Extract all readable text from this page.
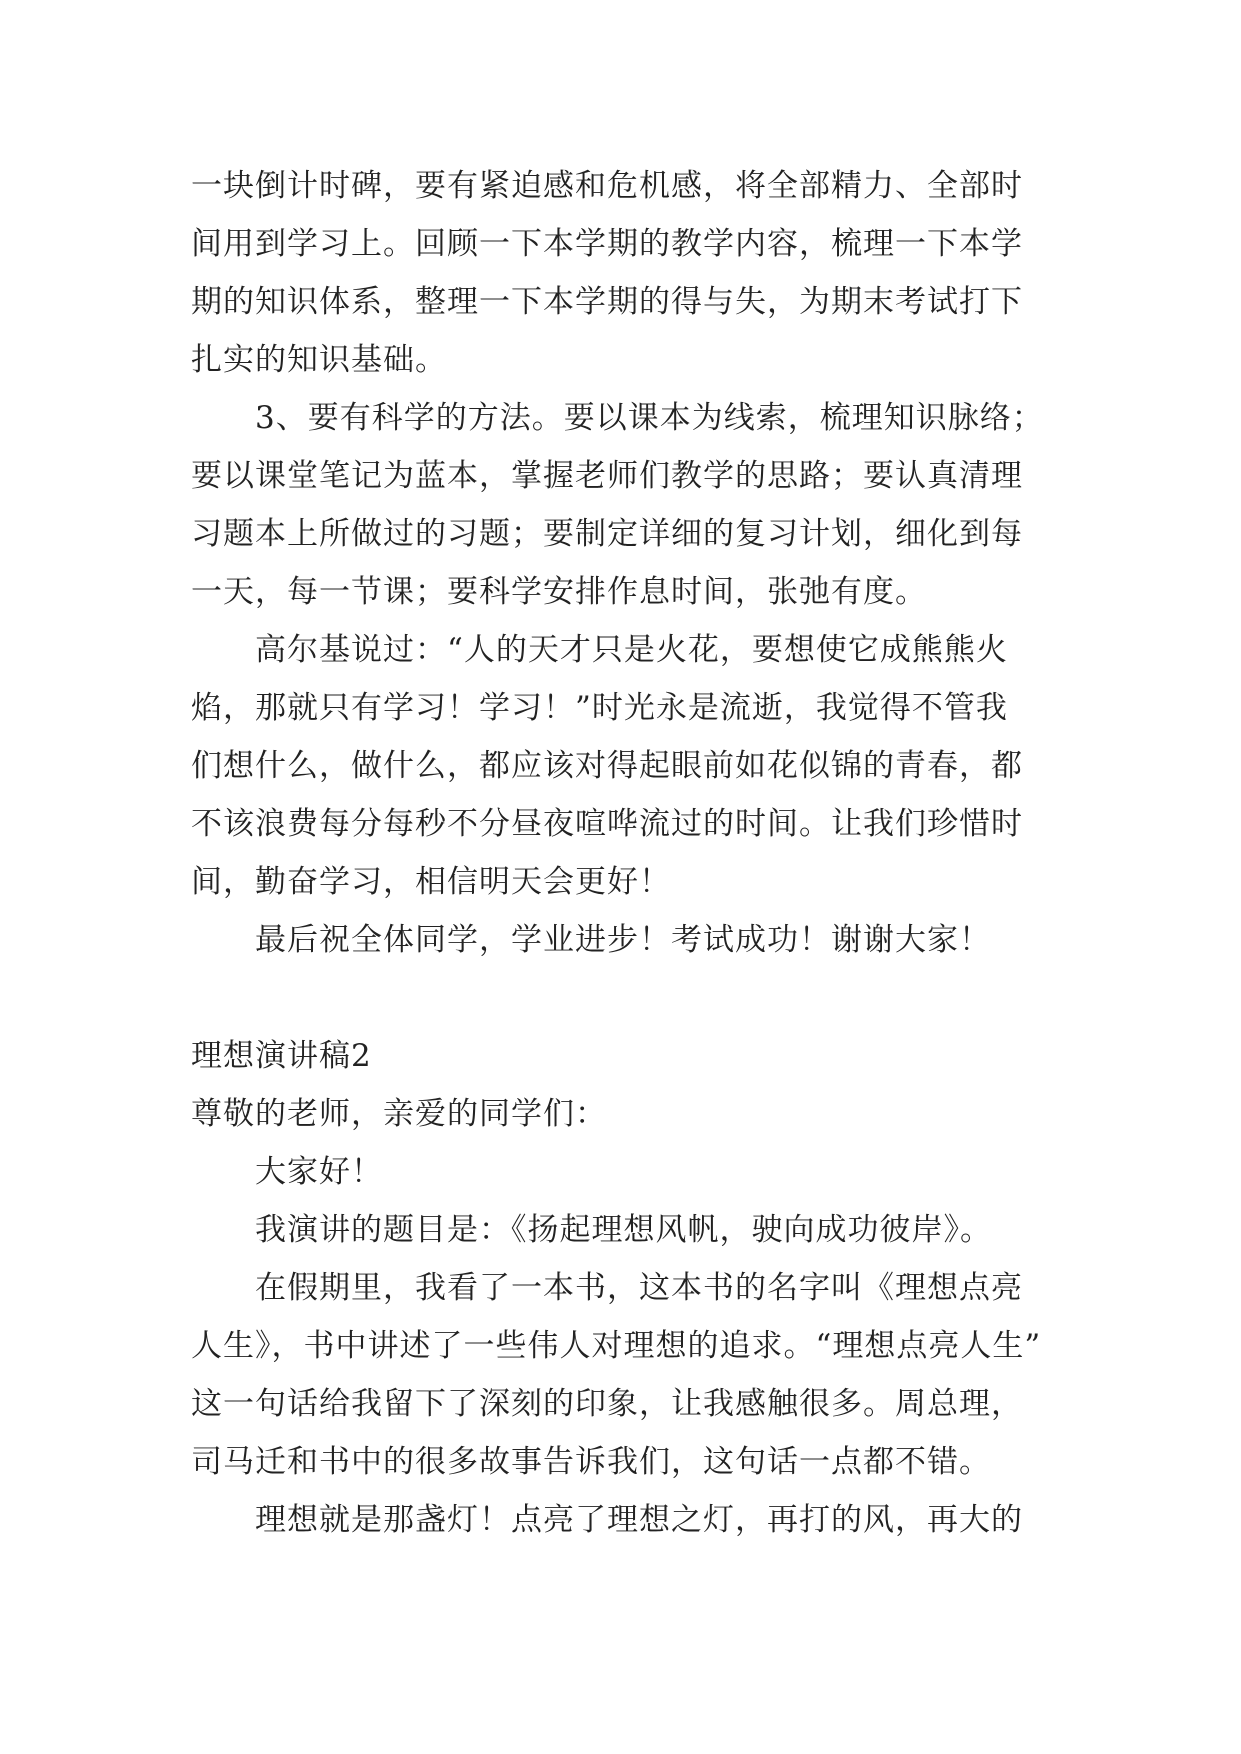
一块倒计时碑，要有紧迫感和危机感，将全部精力、全部时
间用到学习上。回顾一下本学期的教学内容，梳理一下本学
期的知识体系，整理一下本学期的得与失，为期末考试打下
扎实的知识基础。
3、要有科学的方法。要以课本为线索，梳理知识脉络；
要以课堂笔记为蓝本，掌握老师们教学的思路；要认真清理
习题本上所做过的习题；要制定详细的复习计划，细化到每
一天，每一节课；要科学安排作息时间，张弛有度。
高尔基说过：“人的天才只是火花，要想使它成熊熊火
焰，那就只有学习！学习！”时光永是流逝，我觉得不管我
们想什么，做什么，都应该对得起眼前如花似锦的青春，都
不该浪费每分每秒不分昼夜喧哗流过的时间。让我们珍惜时
间，勤奋学习，相信明天会更好！
最后祝全体同学，学业进步！考试成功！谢谢大家！
理想演讲稿2
尊敬的老师，亲爱的同学们：
大家好！
我演讲的题目是：《扬起理想风帆，驶向成功彼岸》。
在假期里，我看了一本书，这本书的名字叫《理想点亮
人生》，书中讲述了一些伟人对理想的追求。“理想点亮人生”
这一句话给我留下了深刻的印象，让我感触很多。周总理，
司马迁和书中的很多故事告诉我们，这句话一点都不错。
理想就是那盏灯！点亮了理想之灯，再打的风，再大的
